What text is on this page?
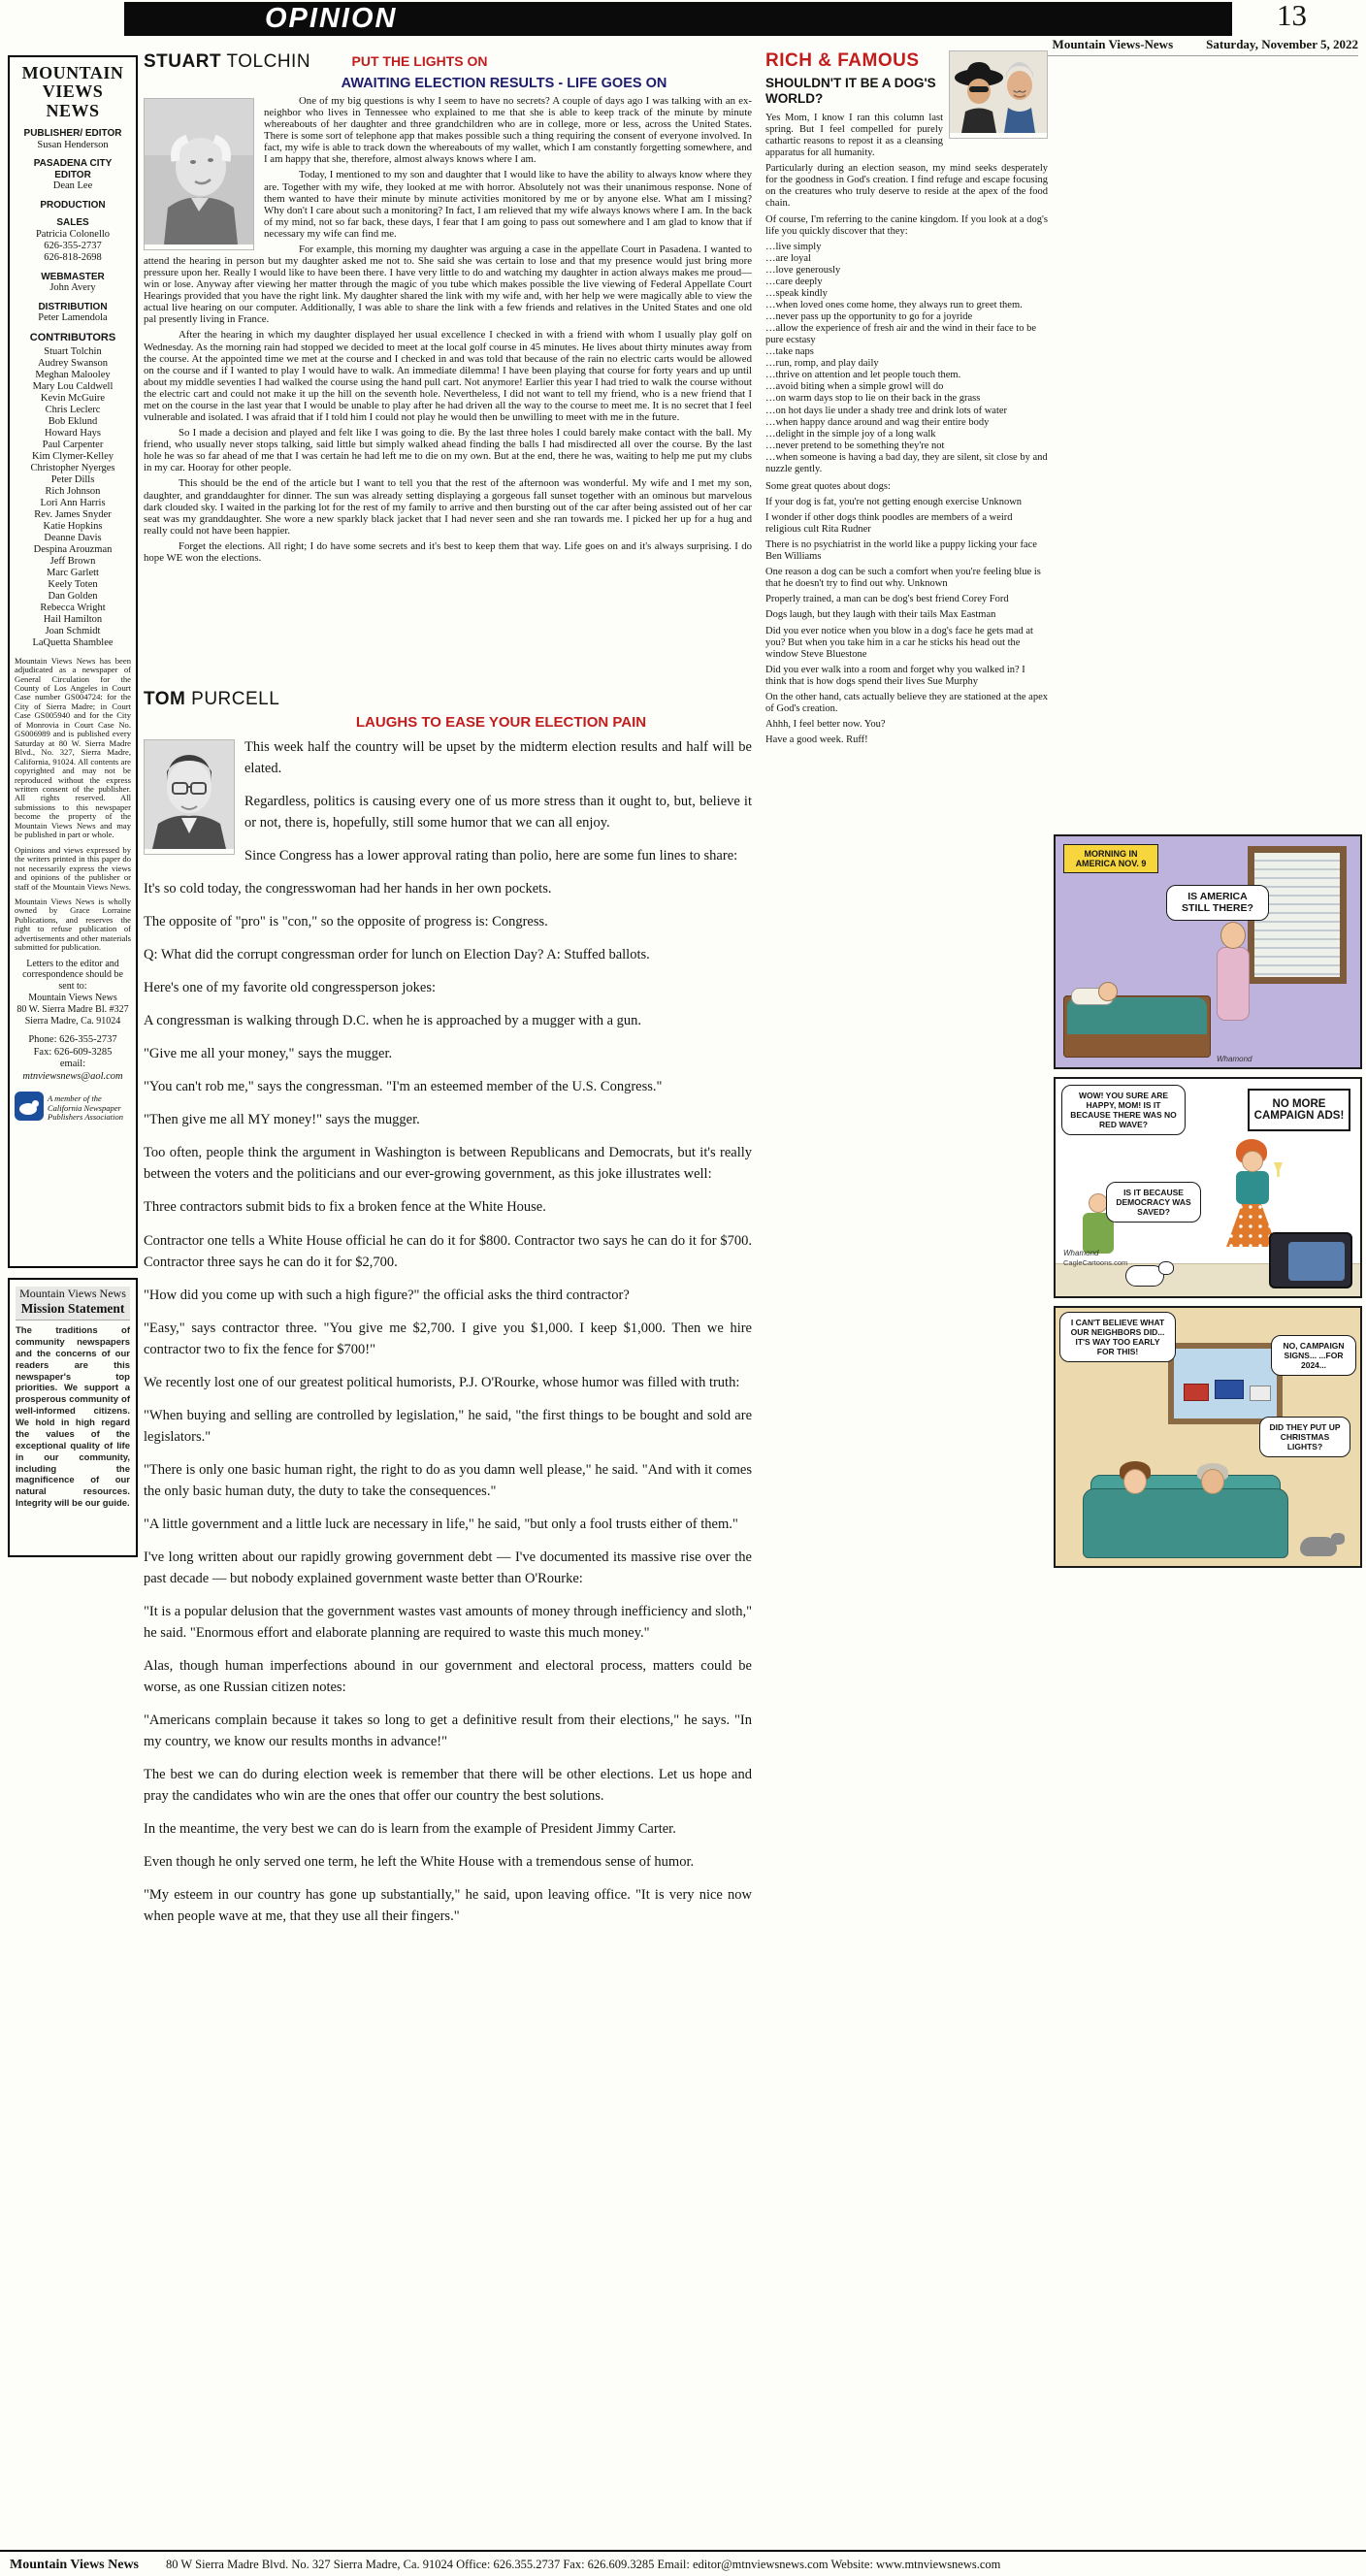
OPINION	13
Mountain Views-News	Saturday, November 5, 2022
MOUNTAIN
VIEWS
NEWS
PUBLISHER/ EDITOR
Susan Henderson
PASADENA CITY EDITOR
Dean Lee
PRODUCTION
SALES
Patricia Colonello
626-355-2737
626-818-2698
WEBMASTER
John Avery
DISTRIBUTION
Peter Lamendola
CONTRIBUTORS
Stuart Tolchin
Audrey Swanson
Meghan Malooley
Mary Lou Caldwell
Kevin McGuire
Chris Leclerc
Bob Eklund
Howard Hays
Paul Carpenter
Kim Clymer-Kelley
Christopher Nyerges
Peter Dills
Rich Johnson
Lori Ann Harris
Rev. James Snyder
Katie Hopkins
Deanne Davis
Despina Arouzman
Jeff Brown
Marc Garlett
Keely Toten
Dan Golden
Rebecca Wright
Hail Hamilton
Joan Schmidt
LaQuetta Shamblee

Mountain Views News has been adjudicated as a newspaper of General Circulation for the County of Los Angeles in Court Case number GS004724: for the City of Sierra Madre; in Court Case GS005940 and for the City of Monrovia in Court Case No. GS006989 and is published every Saturday at 80 W. Sierra Madre Blvd., No. 327, Sierra Madre, California, 91024. All contents are copyrighted and may not be reproduced without the express written consent of the publisher. All rights reserved. All submissions to this newspaper become the property of the Mountain Views News and may be published in part or whole.

Opinions and views expressed by the writers printed in this paper do not necessarily express the views and opinions of the publisher or staff of the Mountain Views News.

Mountain Views News is wholly owned by Grace Lorraine Publications, and reserves the right to refuse publication of advertisements and other materials submitted for publication.

Letters to the editor and correspondence should be sent to:
Mountain Views News
80 W. Sierra Madre Bl. #327
Sierra Madre, Ca. 91024
Phone: 626-355-2737
Fax: 626-609-3285
email:
mtnviewsnews@aol.com
A member of the California Newspaper Publishers Association
Mountain Views News
Mission Statement

The traditions of community newspapers and the concerns of our readers are this newspaper's top priorities. We support a prosperous community of well-informed citizens. We hold in high regard the values of the exceptional quality of life in our community, including the magnificence of our natural resources. Integrity will be our guide.

STUART TOLCHIN	PUT THE LIGHTS ON
AWAITING ELECTION RESULTS - LIFE GOES ON

One of my big questions is why I seem to have no secrets? A couple of days ago I was talking with an ex-neighbor who lives in Tennessee who explained to me that she is able to keep track of the minute by minute whereabouts of her daughter and three grandchildren who are in college, more or less, across the United States. There is some sort of telephone app that makes possible such a thing requiring the consent of everyone involved. In fact, my wife is able to track down the whereabouts of my wallet, which I am constantly forgetting somewhere, and I am happy that she, therefore, almost always knows where I am.

Today, I mentioned to my son and daughter that I would like to have the ability to always know where they are. Together with my wife, they looked at me with horror. Absolutely not was their unanimous response. None of them wanted to have their minute by minute activities monitored by me or by anyone else. What am I missing? Why don't I care about such a monitoring? In fact, I am relieved that my wife always knows where I am. In the back of my mind, not so far back, these days, I fear that I am going to pass out somewhere and I am glad to know that if necessary my wife can find me.

For example, this morning my daughter was arguing a case in the appellate Court in Pasadena. I wanted to attend the hearing in person but my daughter asked me not to. She said she was certain to lose and that my presence would just bring more pressure upon her. Really I would like to have been there. I have very little to do and watching my daughter in action always makes me proud—win or lose. Anyway after viewing her matter through the magic of you tube which makes possible the live viewing of Federal Appellate Court Hearings provided that you have the right link. My daughter shared the link with my wife and, with her help we were magically able to view the actual live hearing on our computer. Additionally, I was able to share the link with a few friends and relatives in the United States and one old pal presently living in France.

After the hearing in which my daughter displayed her usual excellence I checked in with a friend with whom I usually play golf on Wednesday. As the morning rain had stopped we decided to meet at the local golf course in 45 minutes. He lives about thirty minutes away from the course. At the appointed time we met at the course and I checked in and was told that because of the rain no electric carts would be allowed on the course and if I wanted to play I would have to walk. An immediate dilemma! I have been playing that course for forty years and up until about my middle seventies I had walked the course using the hand pull cart. Not anymore! Earlier this year I had tried to walk the course without the electric cart and could not make it up the hill on the seventh hole. Nevertheless, I did not want to tell my friend, who is a new friend that I met on the course in the last year that I would be unable to play after he had driven all the way to the course to meet me. It is no secret that I feel vulnerable and isolated. I was afraid that if I told him I could not play he would then be unwilling to meet with me in the future.

So I made a decision and played and felt like I was going to die. By the last three holes I could barely make contact with the ball. My friend, who usually never stops talking, said little but simply walked ahead finding the balls I had misdirected all over the course. By the last hole he was so far ahead of me that I was certain he had left me to die on my own. But at the end, there he was, waiting to help me put my clubs in my car. Hooray for other people.

This should be the end of the article but I want to tell you that the rest of the afternoon was wonderful. My wife and I met my son, daughter, and granddaughter for dinner. The sun was already setting displaying a gorgeous fall sunset together with an ominous but marvelous dark clouded sky. I waited in the parking lot for the rest of my family to arrive and then bursting out of the car after being assisted out of her car seat was my granddaughter. She wore a new sparkly black jacket that I had never seen and she ran towards me. I picked her up for a hug and really could not have been happier.

Forget the elections. All right; I do have some secrets and it's best to keep them that way. Life goes on and it's always surprising. I do hope WE won the elections.

TOM PURCELL
LAUGHS TO EASE YOUR ELECTION PAIN

This week half the country will be upset by the midterm election results and half will be elated.

Regardless, politics is causing every one of us more stress than it ought to, but, believe it or not, there is, hopefully, still some humor that we can all enjoy.

Since Congress has a lower approval rating than polio, here are some fun lines to share:

It's so cold today, the congresswoman had her hands in her own pockets.

The opposite of "pro" is "con," so the opposite of progress is: Congress.

Q: What did the corrupt congressman order for lunch on Election Day? A: Stuffed ballots.

Here's one of my favorite old congressperson jokes:

A congressman is walking through D.C. when he is approached by a mugger with a gun.

"Give me all your money," says the mugger.

"You can't rob me," says the congressman. "I'm an esteemed member of the U.S. Congress."

"Then give me all MY money!" says the mugger.

Too often, people think the argument in Washington is between Republicans and Democrats, but it's really between the voters and the politicians and our ever-growing government, as this joke illustrates well:

Three contractors submit bids to fix a broken fence at the White House.

Contractor one tells a White House official he can do it for $800. Contractor two says he can do it for $700. Contractor three says he can do it for $2,700.

"How did you come up with such a high figure?" the official asks the third contractor?

"Easy," says contractor three. "You give me $2,700. I give you $1,000. I keep $1,000. Then we hire contractor two to fix the fence for $700!"

We recently lost one of our greatest political humorists, P.J. O'Rourke, whose humor was filled with truth:

"When buying and selling are controlled by legislation," he said, "the first things to be bought and sold are legislators."

"There is only one basic human right, the right to do as you damn well please," he said. "And with it comes the only basic human duty, the duty to take the consequences."

"A little government and a little luck are necessary in life," he said, "but only a fool trusts either of them."

I've long written about our rapidly growing government debt — I've documented its massive rise over the past decade — but nobody explained government waste better than O'Rourke:

"It is a popular delusion that the government wastes vast amounts of money through inefficiency and sloth," he said. "Enormous effort and elaborate planning are required to waste this much money."

Alas, though human imperfections abound in our government and electoral process, matters could be worse, as one Russian citizen notes:

"Americans complain because it takes so long to get a definitive result from their elections," he says. "In my country, we know our results months in advance!"

The best we can do during election week is remember that there will be other elections. Let us hope and pray the candidates who win are the ones that offer our country the best solutions.

In the meantime, the very best we can do is learn from the example of President Jimmy Carter.

Even though he only served one term, he left the White House with a tremendous sense of humor.

"My esteem in our country has gone up substantially," he said, upon leaving office. "It is very nice now when people wave at me, that they use all their fingers."

RICH & FAMOUS
SHOULDN'T IT BE A DOG'S WORLD?

Yes Mom, I know I ran this column last spring. But I feel compelled for purely cathartic reasons to repost it as a cleansing apparatus for all humanity.

Particularly during an election season, my mind seeks desperately for the goodness in God's creation. I find refuge and escape focusing on the creatures who truly deserve to reside at the apex of the food chain.

Of course, I'm referring to the canine kingdom. If you look at a dog's life you quickly discover that they:

…live simply
…are loyal
…love generously
…care deeply
…speak kindly
…when loved ones come home, they always run to greet them.
…never pass up the opportunity to go for a joyride
…allow the experience of fresh air and the wind in their face to be pure ecstasy
…take naps
…run, romp, and play daily
…thrive on attention and let people touch them.
…avoid biting when a simple growl will do
…on warm days stop to lie on their back in the grass
…on hot days lie under a shady tree and drink lots of water
…when happy dance around and wag their entire body
…delight in the simple joy of a long walk
…never pretend to be something they're not
…when someone is having a bad day, they are silent, sit close by and nuzzle gently.

Some great quotes about dogs:

If your dog is fat, you're not getting enough exercise Unknown

I wonder if other dogs think poodles are members of a weird religious cult Rita Rudner

There is no psychiatrist in the world like a puppy licking your face Ben Williams

One reason a dog can be such a comfort when you're feeling blue is that he doesn't try to find out why. Unknown

Properly trained, a man can be dog's best friend Corey Ford

Dogs laugh, but they laugh with their tails Max Eastman

Did you ever notice when you blow in a dog's face he gets mad at you? But when you take him in a car he sticks his head out the window Steve Bluestone

Did you ever walk into a room and forget why you walked in? I think that is how dogs spend their lives Sue Murphy

On the other hand, cats actually believe they are stationed at the apex of God's creation.

Ahhh, I feel better now. You?

Have a good week. Ruff!

MORNING IN AMERICA NOV. 9
IS AMERICA STILL THERE?
Whamond
WOW! YOU SURE ARE HAPPY, MOM! IS IT BECAUSE THERE WAS NO RED WAVE?
NO MORE CAMPAIGN ADS!
IS IT BECAUSE DEMOCRACY WAS SAVED?
Whamond
CagleCartoons.com
I CAN'T BELIEVE WHAT OUR NEIGHBORS DID... IT'S WAY TOO EARLY FOR THIS!
NO, CAMPAIGN SIGNS... ...FOR 2024...
DID THEY PUT UP CHRISTMAS LIGHTS?
Mountain Views News 80 W Sierra Madre Blvd. No. 327 Sierra Madre, Ca. 91024 Office: 626.355.2737 Fax: 626.609.3285 Email: editor@mtnviewsnews.com Website: www.mtnviewsnews.com
